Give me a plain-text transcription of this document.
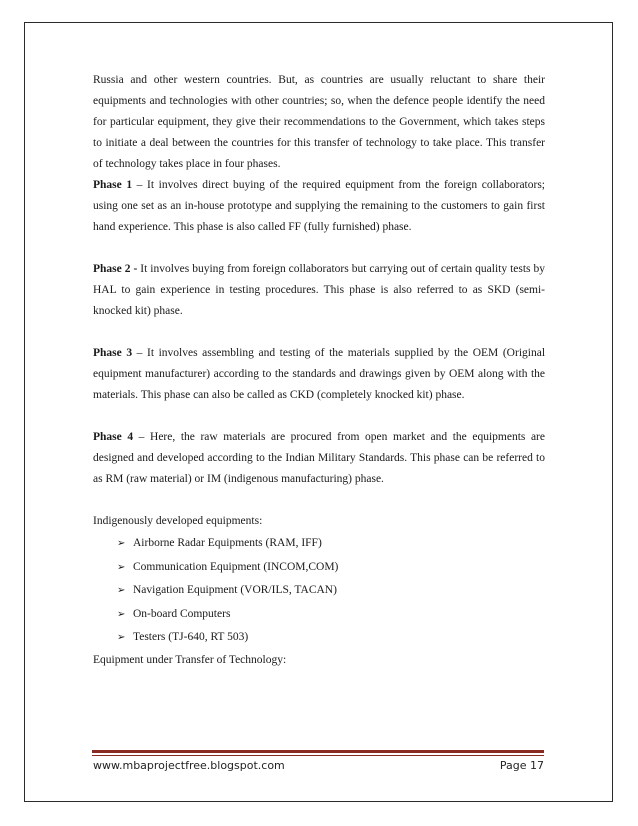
Russia and other western countries. But, as countries are usually reluctant to share their equipments and technologies with other countries; so, when the defence people identify the need for particular equipment, they give their recommendations to the Government, which takes steps to initiate a deal between the countries for this transfer of technology to take place. This transfer of technology takes place in four phases.

Phase 1 – It involves direct buying of the required equipment from the foreign collaborators; using one set as an in-house prototype and supplying the remaining to the customers to gain first hand experience. This phase is also called FF (fully furnished) phase.

Phase 2 - It involves buying from foreign collaborators but carrying out of certain quality tests by HAL to gain experience in testing procedures. This phase is also referred to as SKD (semi-knocked kit) phase.

Phase 3 – It involves assembling and testing of the materials supplied by the OEM (Original equipment manufacturer) according to the standards and drawings given by OEM along with the materials. This phase can also be called as CKD (completely knocked kit) phase.

Phase 4 – Here, the raw materials are procured from open market and the equipments are designed and developed according to the Indian Military Standards. This phase can be referred to as RM (raw material) or IM (indigenous manufacturing) phase.

Indigenously developed equipments:

➢ Airborne Radar Equipments (RAM, IFF)
➢ Communication Equipment (INCOM,COM)
➢ Navigation Equipment (VOR/ILS, TACAN)
➢ On-board Computers
➢ Testers (TJ-640, RT 503)

Equipment under Transfer of Technology:

www.mbaprojectfree.blogspot.com	Page 17
